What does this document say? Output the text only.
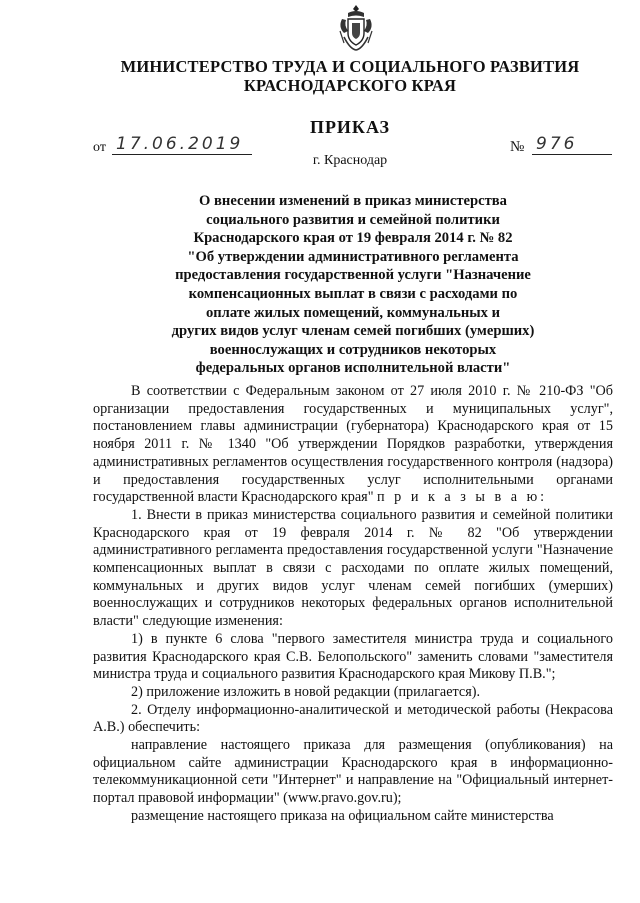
МИНИСТЕРСТВО ТРУДА И СОЦИАЛЬНОГО РАЗВИТИЯ
КРАСНОДАРСКОГО КРАЯ
ПРИКАЗ
от 17.06.2019	№ 976
г. Краснодар
О внесении изменений в приказ министерства
социального развития и семейной политики
Краснодарского края от 19 февраля 2014 г. № 82
"Об утверждении административного регламента
предоставления государственной услуги "Назначение
компенсационных выплат в связи с расходами по
оплате жилых помещений, коммунальных и
других видов услуг членам семей погибших (умерших)
военнослужащих и сотрудников некоторых
федеральных органов исполнительной власти"

В соответствии с Федеральным законом от 27 июля 2010 г. № 210-ФЗ "Об организации предоставления государственных и муниципальных услуг", постановлением главы администрации (губернатора) Краснодарского края от 15 ноября 2011 г. № 1340 "Об утверждении Порядков разработки, утверждения административных регламентов осуществления государственного контроля (надзора) и предоставления государственных услуг исполнительными органами государственной власти Краснодарского края" п р и к а з ы в а ю:

1. Внести в приказ министерства социального развития и семейной политики Краснодарского края от 19 февраля 2014 г. № 82 "Об утверждении административного регламента предоставления государственной услуги "Назначение компенсационных выплат в связи с расходами по оплате жилых помещений, коммунальных и других видов услуг членам семей погибших (умерших) военнослужащих и сотрудников некоторых федеральных органов исполнительной власти" следующие изменения:

1) в пункте 6 слова "первого заместителя министра труда и социального развития Краснодарского края С.В. Белопольского" заменить словами "заместителя министра труда и социального развития Краснодарского края Микову П.В.";

2) приложение изложить в новой редакции (прилагается).

2. Отделу информационно-аналитической и методической работы (Некрасова А.В.) обеспечить:

направление настоящего приказа для размещения (опубликования) на официальном сайте администрации Краснодарского края в информационно-телекоммуникационной сети "Интернет" и направление на "Официальный интернет-портал правовой информации" (www.pravo.gov.ru);

размещение настоящего приказа на официальном сайте министерства
